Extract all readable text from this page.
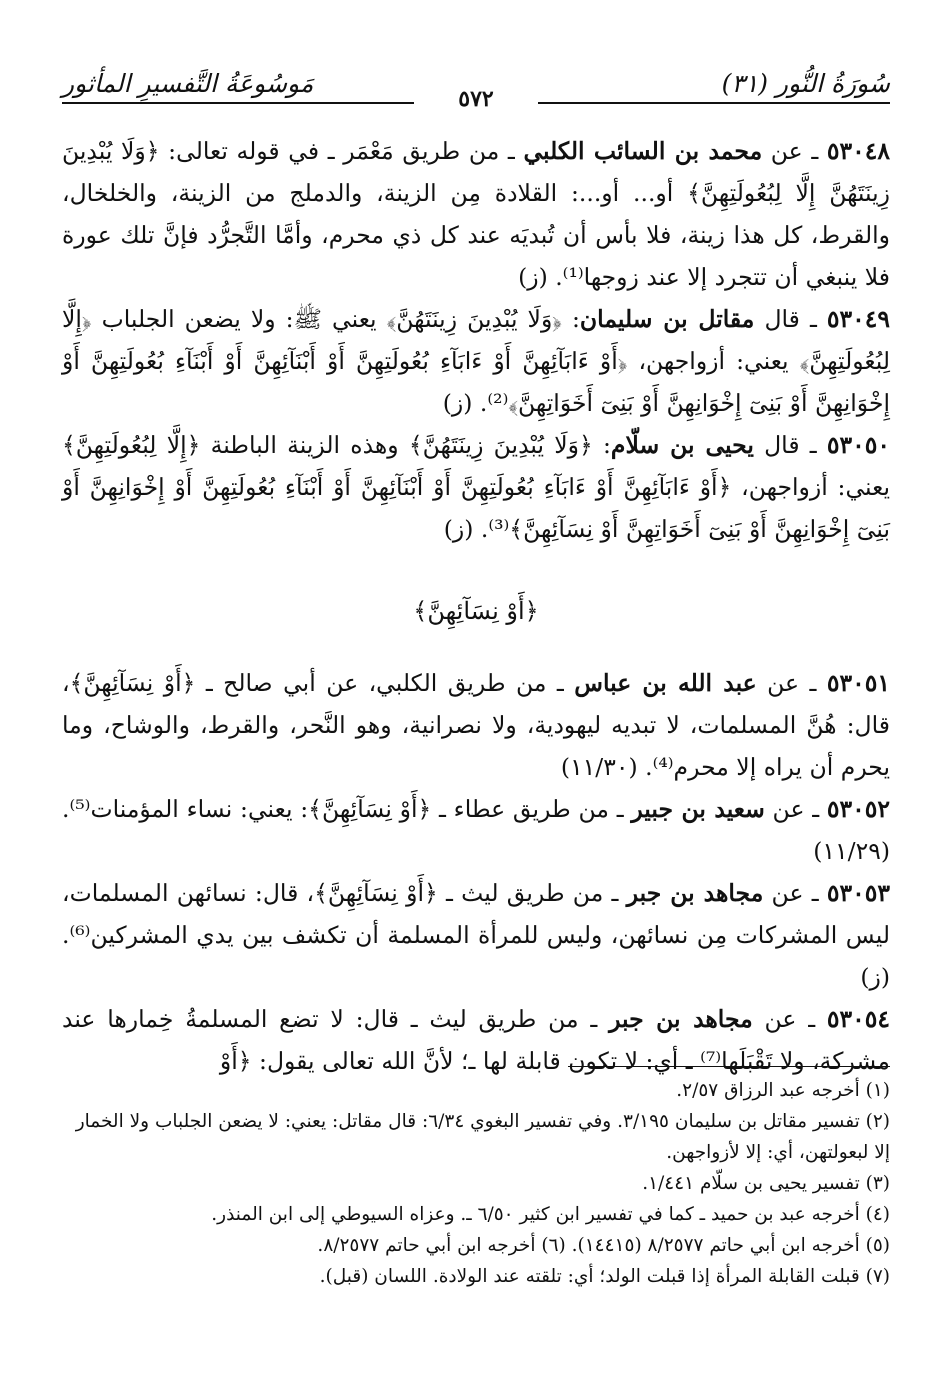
سُورَةُ النُّور (٣١)
مَوسُوعَةُ التَّفسيرِ المأثور
٥٧٢

٥٣٠٤٨ ـ عن محمد بن السائب الكلبي ـ من طريق مَعْمَر ـ في قوله تعالى: ﴿وَلَا يُبْدِينَ زِينَتَهُنَّ إِلَّا لِبُعُولَتِهِنَّ﴾ أو... أو...: القلادة مِن الزينة، والدملج من الزينة، والخلخال، والقرط، كل هذا زينة، فلا بأس أن تُبديَه عند كل ذي محرم، وأمَّا التَّجرُّد فإنَّ تلك عورة فلا ينبغي أن تتجرد إلا عند زوجها⁽¹⁾. (ز)

٥٣٠٤٩ ـ قال مقاتل بن سليمان: ﴿وَلَا يُبْدِينَ زِينَتَهُنَّ﴾ يعني ﷺ: ولا يضعن الجلباب ﴿إِلَّا لِبُعُولَتِهِنَّ﴾ يعني: أزواجهن، ﴿أَوْ ءَابَآئِهِنَّ أَوْ ءَابَآءِ بُعُولَتِهِنَّ أَوْ أَبْنَآئِهِنَّ أَوْ أَبْنَآءِ بُعُولَتِهِنَّ أَوْ إِخْوَانِهِنَّ أَوْ بَنِىٓ إِخْوَانِهِنَّ أَوْ بَنِىٓ أَخَوَاتِهِنَّ﴾⁽²⁾. (ز)

٥٣٠٥٠ ـ قال يحيى بن سلّام: ﴿وَلَا يُبْدِينَ زِينَتَهُنَّ﴾ وهذه الزينة الباطنة ﴿إِلَّا لِبُعُولَتِهِنَّ﴾ يعني: أزواجهن، ﴿أَوْ ءَابَآئِهِنَّ أَوْ ءَابَآءِ بُعُولَتِهِنَّ أَوْ أَبْنَآئِهِنَّ أَوْ أَبْنَآءِ بُعُولَتِهِنَّ أَوْ إِخْوَانِهِنَّ أَوْ بَنِىٓ إِخْوَانِهِنَّ أَوْ بَنِىٓ أَخَوَاتِهِنَّ أَوْ نِسَآئِهِنَّ﴾⁽³⁾. (ز)

﴿أَوْ نِسَآئِهِنَّ﴾

٥٣٠٥١ ـ عن عبد الله بن عباس ـ من طريق الكلبي، عن أبي صالح ـ ﴿أَوْ نِسَآئِهِنَّ﴾، قال: هُنَّ المسلمات، لا تبديه ليهودية، ولا نصرانية، وهو النَّحر، والقرط، والوشاح، وما يحرم أن يراه إلا محرم⁽⁴⁾. (١١/٣٠)

٥٣٠٥٢ ـ عن سعيد بن جبير ـ من طريق عطاء ـ ﴿أَوْ نِسَآئِهِنَّ﴾: يعني: نساء المؤمنات⁽⁵⁾. (١١/٢٩)

٥٣٠٥٣ ـ عن مجاهد بن جبر ـ من طريق ليث ـ ﴿أَوْ نِسَآئِهِنَّ﴾، قال: نسائهن المسلمات، ليس المشركات مِن نسائهن، وليس للمرأة المسلمة أن تكشف بين يدي المشركين⁽⁶⁾. (ز)

٥٣٠٥٤ ـ عن مجاهد بن جبر ـ من طريق ليث ـ قال: لا تضع المسلمةُ خِمارها عند مشركة، ولا تَقْبَلَها⁽⁷⁾ ـ أي: لا تكون قابلة لها ـ؛ لأنَّ الله تعالى يقول: ﴿أَوْ

(١) أخرجه عبد الرزاق ٢/٥٧.

(٢) تفسير مقاتل بن سليمان ٣/١٩٥. وفي تفسير البغوي ٦/٣٤: قال مقاتل: يعني: لا يضعن الجلباب ولا الخمار إلا لبعولتهن، أي: إلا لأزواجهن.

(٣) تفسير يحيى بن سلّام ١/٤٤١.

(٤) أخرجه عبد بن حميد ـ كما في تفسير ابن كثير ٦/٥٠ ـ. وعزاه السيوطي إلى ابن المنذر.

(٥) أخرجه ابن أبي حاتم ٨/٢٥٧٧ (١٤٤١٥). (٦) أخرجه ابن أبي حاتم ٨/٢٥٧٧.

(٧) قبلت القابلة المرأة إذا قبلت الولد؛ أي: تلقته عند الولادة. اللسان (قبل).
